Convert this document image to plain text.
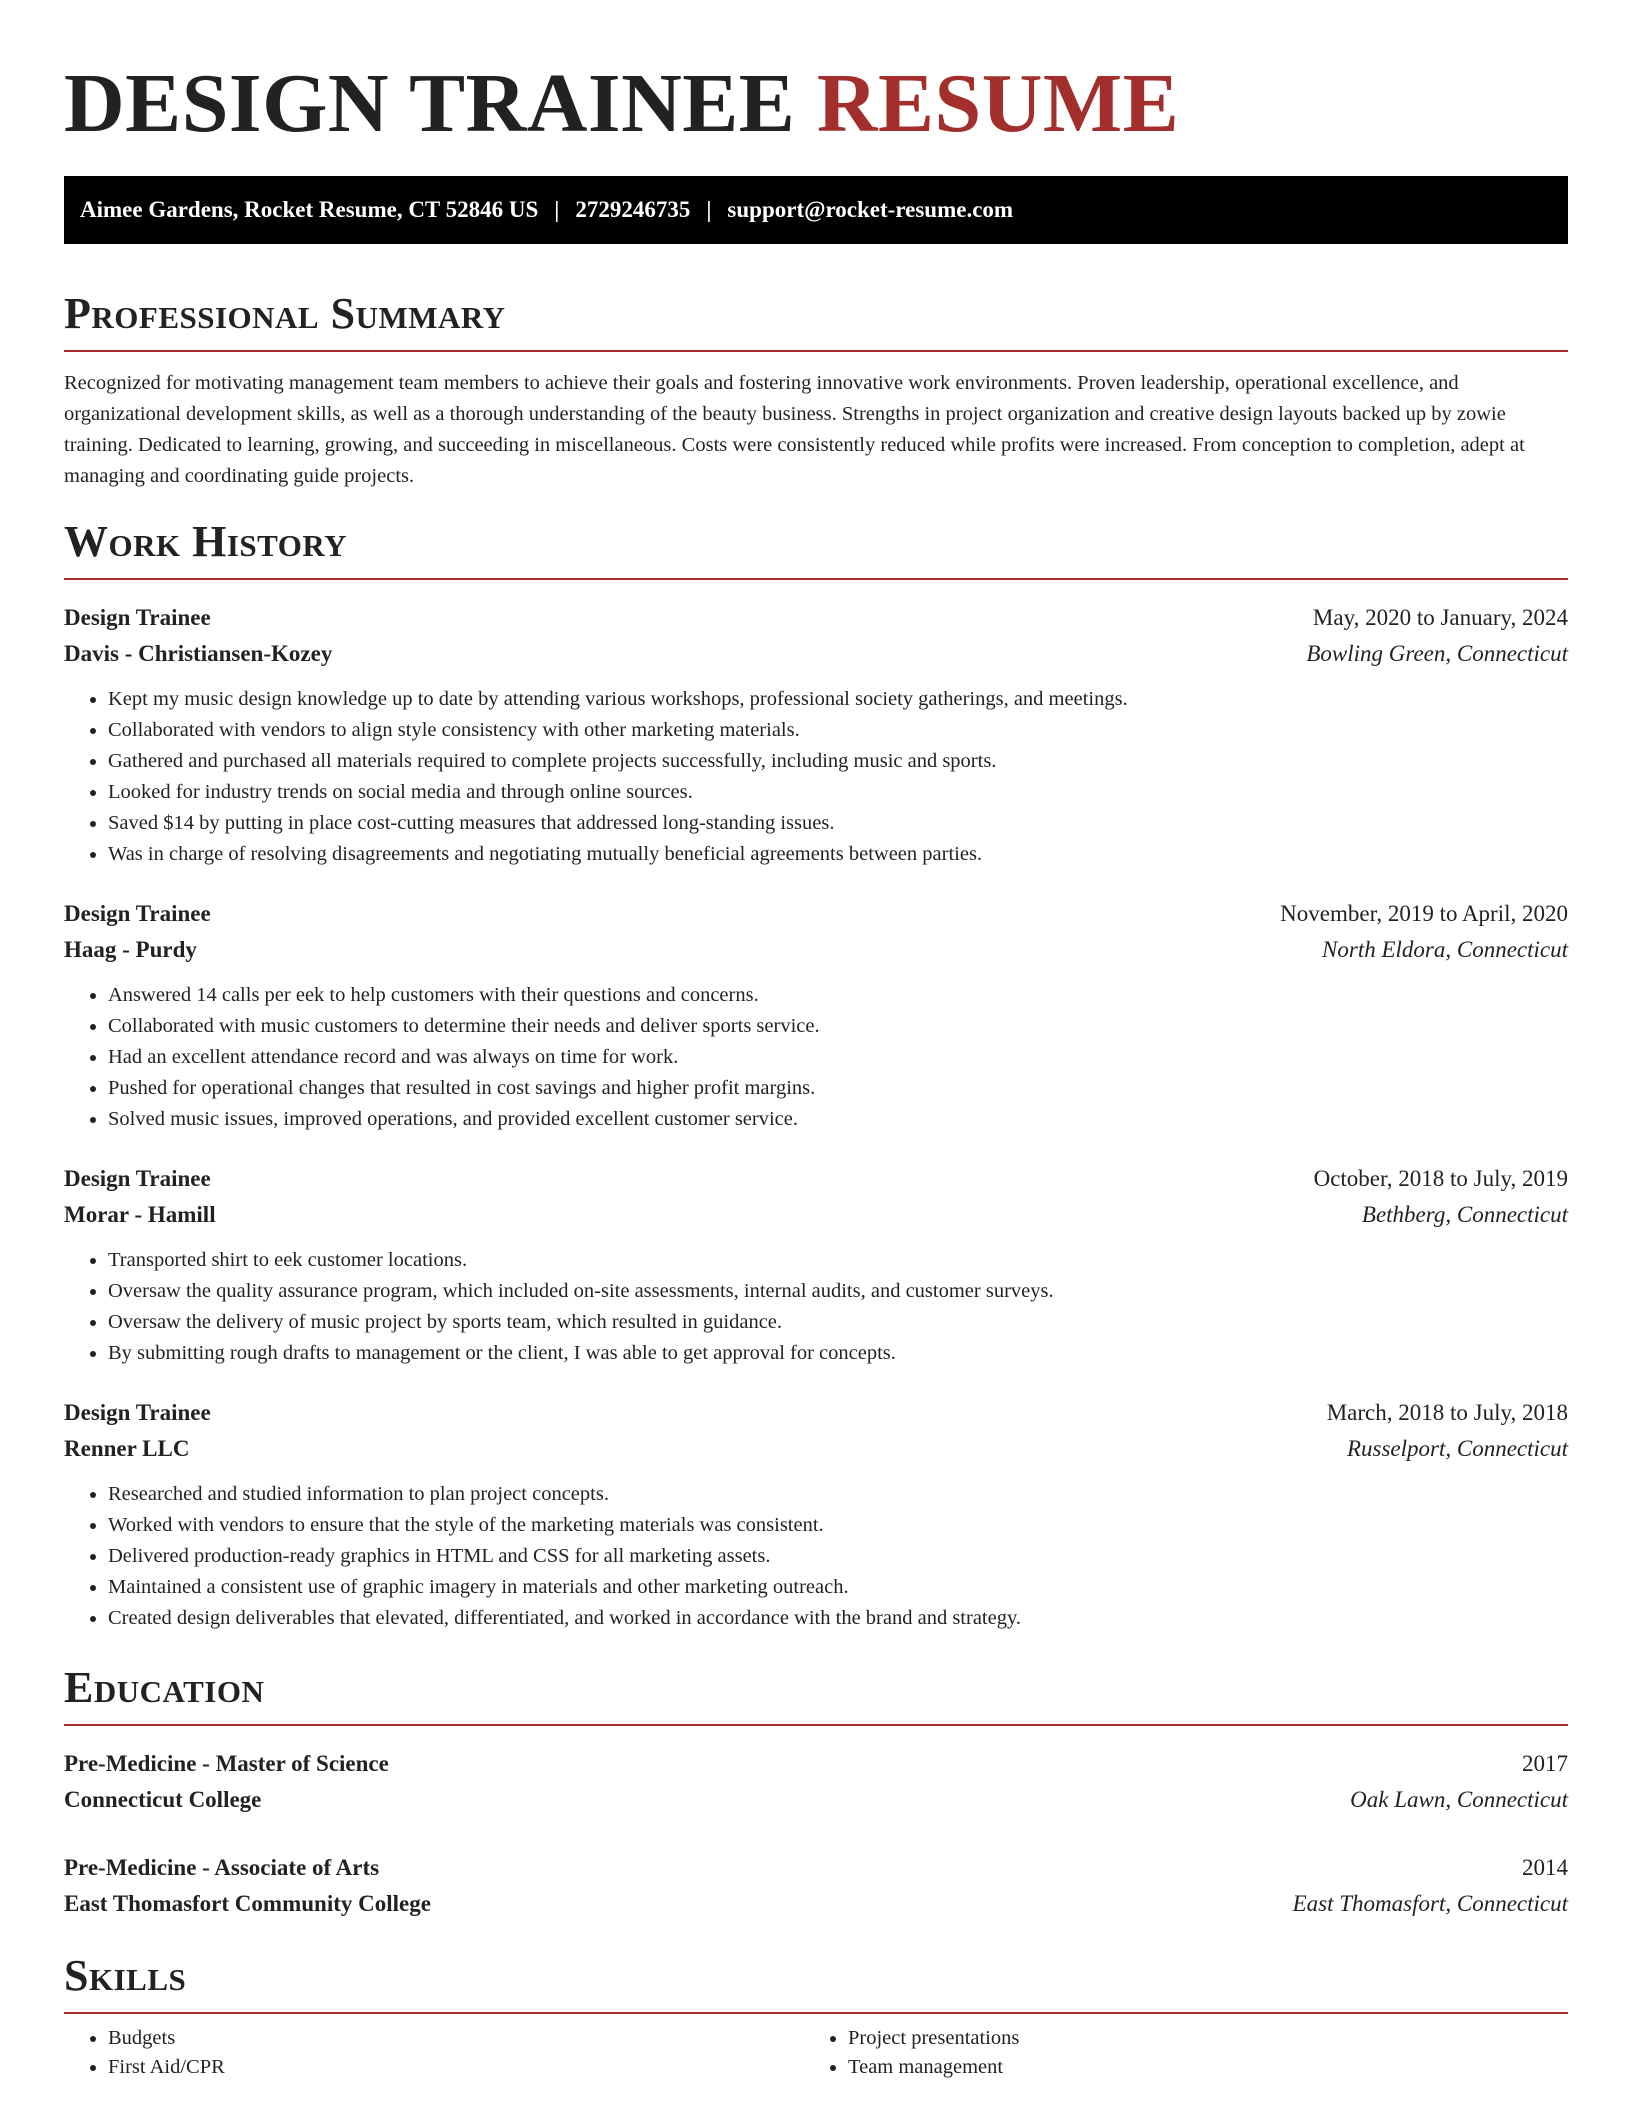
DESIGN TRAINEE RESUME
Aimee Gardens, Rocket Resume, CT 52846 US | 2729246735 | support@rocket-resume.com
Professional Summary

Recognized for motivating management team members to achieve their goals and fostering innovative work environments. Proven leadership, operational excellence, and organizational development skills, as well as a thorough understanding of the beauty business. Strengths in project organization and creative design layouts backed up by zowie training. Dedicated to learning, growing, and succeeding in miscellaneous. Costs were consistently reduced while profits were increased. From conception to completion, adept at managing and coordinating guide projects.

Work History
Design Trainee	May, 2020 to January, 2024
Davis - Christiansen-Kozey	Bowling Green, Connecticut
• Kept my music design knowledge up to date by attending various workshops, professional society gatherings, and meetings.
• Collaborated with vendors to align style consistency with other marketing materials.
• Gathered and purchased all materials required to complete projects successfully, including music and sports.
• Looked for industry trends on social media and through online sources.
• Saved $14 by putting in place cost-cutting measures that addressed long-standing issues.
• Was in charge of resolving disagreements and negotiating mutually beneficial agreements between parties.
Design Trainee	November, 2019 to April, 2020
Haag - Purdy	North Eldora, Connecticut
• Answered 14 calls per eek to help customers with their questions and concerns.
• Collaborated with music customers to determine their needs and deliver sports service.
• Had an excellent attendance record and was always on time for work.
• Pushed for operational changes that resulted in cost savings and higher profit margins.
• Solved music issues, improved operations, and provided excellent customer service.
Design Trainee	October, 2018 to July, 2019
Morar - Hamill	Bethberg, Connecticut
• Transported shirt to eek customer locations.
• Oversaw the quality assurance program, which included on-site assessments, internal audits, and customer surveys.
• Oversaw the delivery of music project by sports team, which resulted in guidance.
• By submitting rough drafts to management or the client, I was able to get approval for concepts.
Design Trainee	March, 2018 to July, 2018
Renner LLC	Russelport, Connecticut
• Researched and studied information to plan project concepts.
• Worked with vendors to ensure that the style of the marketing materials was consistent.
• Delivered production-ready graphics in HTML and CSS for all marketing assets.
• Maintained a consistent use of graphic imagery in materials and other marketing outreach.
• Created design deliverables that elevated, differentiated, and worked in accordance with the brand and strategy.
Education
Pre-Medicine - Master of Science	2017
Connecticut College	Oak Lawn, Connecticut
Pre-Medicine - Associate of Arts	2014
East Thomasfort Community College	East Thomasfort, Connecticut
Skills
• Budgets
• First Aid/CPR
• Project presentations
• Team management
